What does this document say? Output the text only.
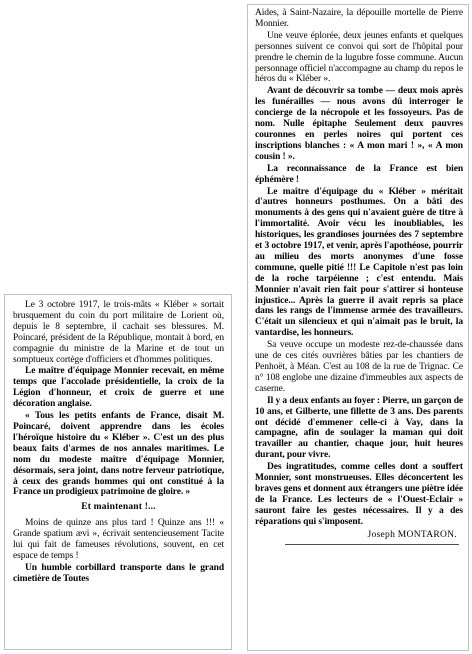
Le 3 octobre 1917, le trois-mâts « Kléber » sortait brusquement du coin du port militaire de Lorient où, depuis le 8 septembre, il cachait ses blessures. M. Poincaré, président de la République, montait à bord, en compagnie du ministre de la Marine et de tout un somptueux cortège d'officiers et d'hommes politiques.

Le maître d'équipage Monnier recevait, en même temps que l'accolade présidentielle, la croix de la Légion d'honneur, et croix de guerre et une décoration anglaise.

« Tous les petits enfants de France, disait M. Poincaré, doivent apprendre dans les écoles l'héroïque histoire du « Kléber ». C'est un des plus beaux faits d'armes de nos annales maritimes. Le nom du modeste maître d'équipage Monnier, désormais, sera joint, dans notre ferveur patriotique, à ceux des grands hommes qui ont constitué à la France un prodigieux patrimoine de gloire. »

Et maintenant !...

Moins de quinze ans plus tard ! Quinze ans !!! « Grande spatium ævi », écrivait sentencieusement Tacite lui qui fait de fameuses révolutions, souvent, en cet espace de temps !

Un humble corbillard transporte dans le grand cimetière de Toutes

Aides, à Saint-Nazaire, la dépouille mortelle de Pierre Monnier.

Une veuve éplorée, deux jeunes enfants et quelques personnes suivent ce convoi qui sort de l'hôpital pour prendre le chemin de la lugubre fosse commune. Aucun personnage officiel n'accompagne au champ du repos le héros du « Kléber ».

Avant de découvrir sa tombe — deux mois après les funérailles — nous avons dû interroger le concierge de la nécropole et les fossoyeurs. Pas de nom. Nulle épitaphe Seulement deux pauvres couronnes en perles noires qui portent ces inscriptions blanches : « A mon mari ! », « A mon cousin ! ».

La reconnaissance de la France est bien éphémère !

Le maître d'équipage du « Kléber » méritait d'autres honneurs posthumes. On a bâti des monuments à des gens qui n'avaient guère de titre à l'immortalité. Avoir vécu les inoubliables, les historiques, les grandioses journées des 7 septembre et 3 octobre 1917, et venir, après l'apothéose, pourrir au milieu des morts anonymes d'une fosse commune, quelle pitié !!! Le Capitole n'est pas loin de la roche tarpéienne ; c'est entendu. Mais Monnier n'avait rien fait pour s'attirer si honteuse injustice... Après la guerre il avait repris sa place dans les rangs de l'immense armée des travailleurs. C'était un silencieux et qui n'aimait pas le bruit, la vantardise, les honneurs.

Sa veuve occupe un modeste rez-de-chaussée dans une de ces cités ouvrières bâties par les chantiers de Penhoët, à Méan. C'est au 108 de la rue de Trignac. Ce n° 108 englobe une dizaine d'immeubles aux aspects de caserne.

Il y a deux enfants au foyer : Pierre, un garçon de 10 ans, et Gilberte, une fillette de 3 ans. Des parents ont décidé d'emmener celle-ci à Vay, dans la campagne, afin de soulager la maman qui doit travailler au chantier, chaque jour, huit heures durant, pour vivre.

Des ingratitudes, comme celles dont a souffert Monnier, sont monstrueuses. Elles déconcertent les braves gens et donnent aux étrangers une piètre idée de la France. Les lecteurs de « l'Ouest-Eclair » sauront faire les gestes nécessaires. Il y a des réparations qui s'imposent.

Joseph MONTARON.
